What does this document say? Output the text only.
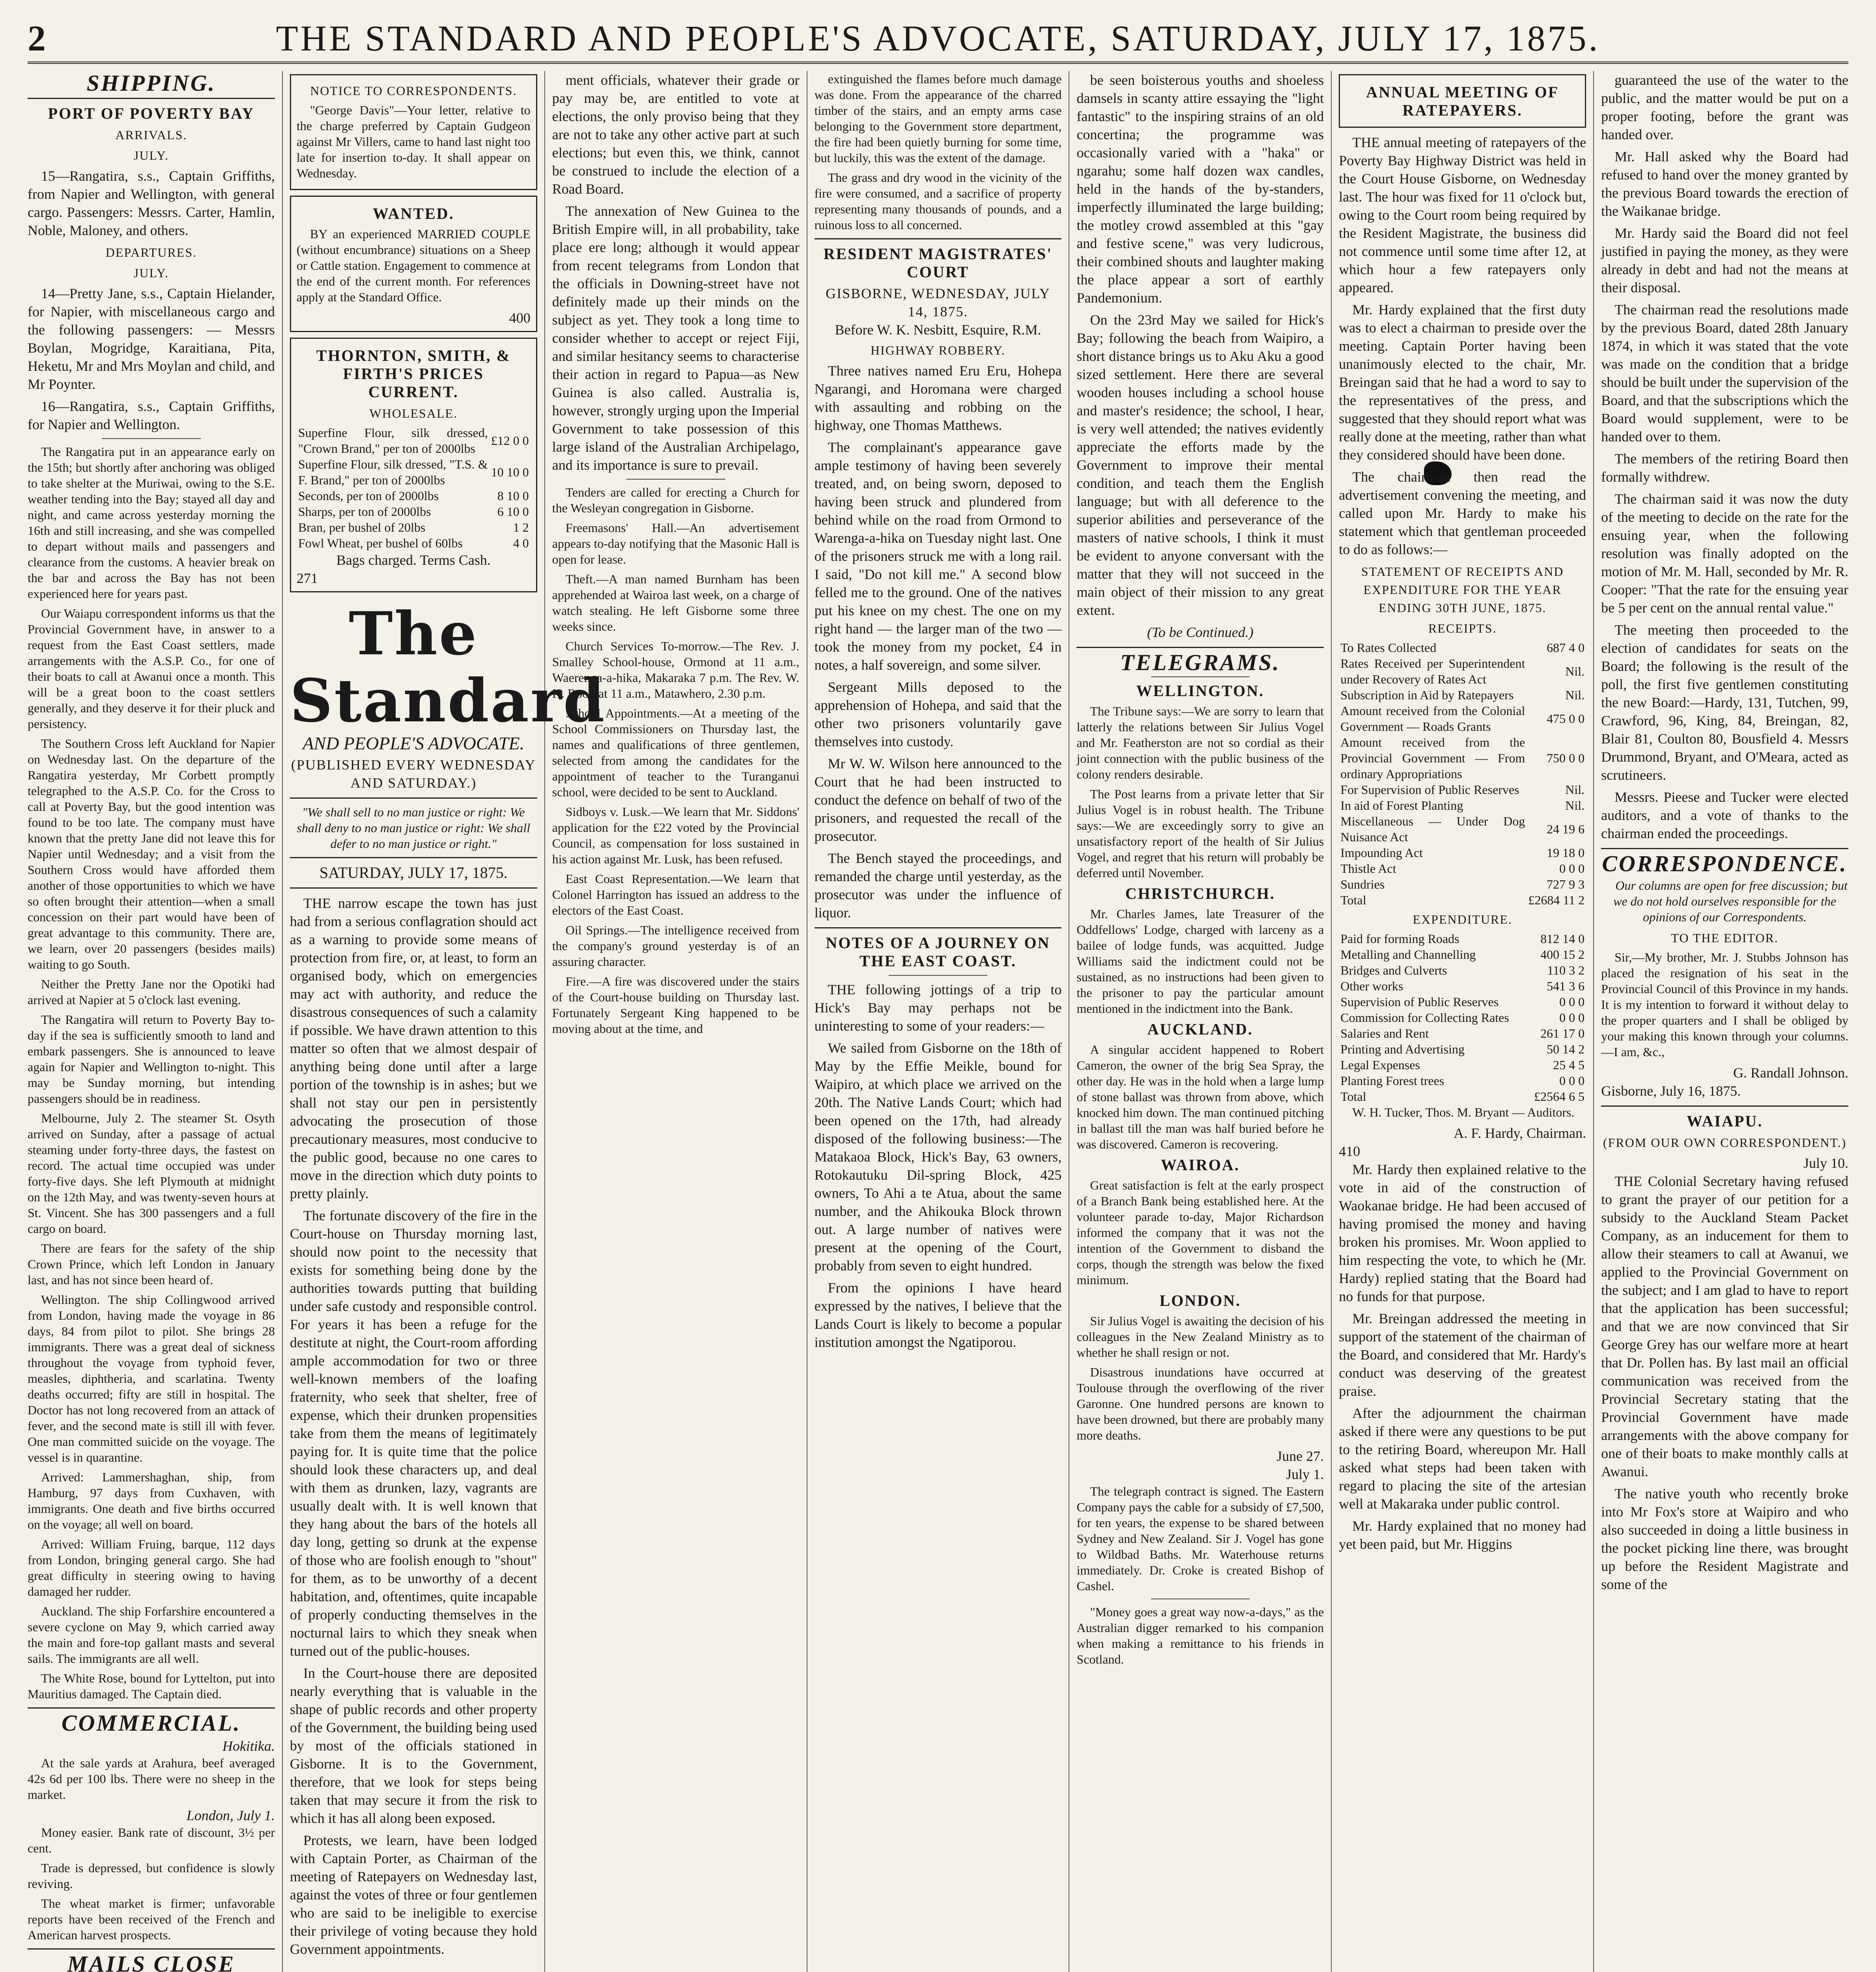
2	THE STANDARD AND PEOPLE'S ADVOCATE, SATURDAY, JULY 17, 1875.
SHIPPING.
PORT OF POVERTY BAY
ARRIVALS.
JULY.

15—Rangatira, s.s., Captain Griffiths, from Napier and Wellington, with general cargo. Passengers: Messrs. Carter, Hamlin, Noble, Maloney, and others.

DEPARTURES.
JULY.

14—Pretty Jane, s.s., Captain Hielander, for Napier, with miscellaneous cargo and the following passengers: — Messrs Boylan, Mogridge, Karaitiana, Pita, Heketu, Mr and Mrs Moylan and child, and Mr Poynter.

16—Rangatira, s.s., Captain Griffiths, for Napier and Wellington.

The Rangatira put in an appearance early on the 15th; but shortly after anchoring was obliged to take shelter at the Muriwai, owing to the S.E. weather tending into the Bay; stayed all day and night, and came across yesterday morning the 16th and still increasing, and she was compelled to depart without mails and passengers and clearance from the customs. A heavier break on the bar and across the Bay has not been experienced here for years past.

Our Waiapu correspondent informs us that the Provincial Government have, in answer to a request from the East Coast settlers, made arrangements with the A.S.P. Co., for one of their boats to call at Awanui once a month. This will be a great boon to the coast settlers generally, and they deserve it for their pluck and persistency.

The Southern Cross left Auckland for Napier on Wednesday last. On the departure of the Rangatira yesterday, Mr Corbett promptly telegraphed to the A.S.P. Co. for the Cross to call at Poverty Bay, but the good intention was found to be too late. The company must have known that the pretty Jane did not leave this for Napier until Wednesday; and a visit from the Southern Cross would have afforded them another of those opportunities to which we have so often brought their attention—when a small concession on their part would have been of great advantage to this community. There are, we learn, over 20 passengers (besides mails) waiting to go South.

Neither the Pretty Jane nor the Opotiki had arrived at Napier at 5 o'clock last evening.

The Rangatira will return to Poverty Bay to-day if the sea is sufficiently smooth to land and embark passengers. She is announced to leave again for Napier and Wellington to-night. This may be Sunday morning, but intending passengers should be in readiness.

Melbourne, July 2. The steamer St. Osyth arrived on Sunday, after a passage of actual steaming under forty-three days, the fastest on record. The actual time occupied was under forty-five days. She left Plymouth at midnight on the 12th May, and was twenty-seven hours at St. Vincent. She has 300 passengers and a full cargo on board.

There are fears for the safety of the ship Crown Prince, which left London in January last, and has not since been heard of.

Wellington. The ship Collingwood arrived from London, having made the voyage in 86 days, 84 from pilot to pilot. She brings 28 immigrants. There was a great deal of sickness throughout the voyage from typhoid fever, measles, diphtheria, and scarlatina. Twenty deaths occurred; fifty are still in hospital. The Doctor has not long recovered from an attack of fever, and the second mate is still ill with fever. One man committed suicide on the voyage. The vessel is in quarantine.

Arrived: Lammershaghan, ship, from Hamburg, 97 days from Cuxhaven, with immigrants. One death and five births occurred on the voyage; all well on board.

Arrived: William Fruing, barque, 112 days from London, bringing general cargo. She had great difficulty in steering owing to having damaged her rudder.

Auckland. The ship Forfarshire encountered a severe cyclone on May 9, which carried away the main and fore-top gallant masts and several sails. The immigrants are all well.

The White Rose, bound for Lyttelton, put into Mauritius damaged. The Captain died.

COMMERCIAL.
Hokitika.

At the sale yards at Arahura, beef averaged 42s 6d per 100 lbs. There were no sheep in the market.

London, July 1.

Money easier. Bank rate of discount, 3½ per cent.

Trade is depressed, but confidence is slowly reviving.

The wheat market is firmer; unfavorable reports have been received of the French and American harvest prospects.

MAILS CLOSE

NOTICE TO CORRESPONDENTS.

"George Davis"—Your letter, relative to the charge preferred by Captain Gudgeon against Mr Villers, came to hand last night too late for insertion to-day. It shall appear on Wednesday.

WANTED.

BY an experienced MARRIED COUPLE (without encumbrance) situations on a Sheep or Cattle station. Engagement to commence at the end of the current month. For references apply at the Standard Office.

400
THORNTON, SMITH, & FIRTH'S PRICES CURRENT.
WHOLESALE.
Superfine Flour, silk dressed, "Crown Brand," per ton of 2000lbs	£12 0 0
Superfine Flour, silk dressed, "T.S. & F. Brand," per ton of 2000lbs	10 10 0
Seconds, per ton of 2000lbs	8 10 0
Sharps, per ton of 2000lbs	6 10 0
Bran, per bushel of 20lbs	1 2
Fowl Wheat, per bushel of 60lbs	4 0
Bags charged. Terms Cash.
271
The Standard
AND PEOPLE'S ADVOCATE.
(PUBLISHED EVERY WEDNESDAY AND SATURDAY.)
"We shall sell to no man justice or right: We shall deny to no man justice or right: We shall defer to no man justice or right."
SATURDAY, JULY 17, 1875.

THE narrow escape the town has just had from a serious conflagration should act as a warning to provide some means of protection from fire, or, at least, to form an organised body, which on emergencies may act with authority, and reduce the disastrous consequences of such a calamity if possible. We have drawn attention to this matter so often that we almost despair of anything being done until after a large portion of the township is in ashes; but we shall not stay our pen in persistently advocating the prosecution of those precautionary measures, most conducive to the public good, because no one cares to move in the direction which duty points to pretty plainly.

The fortunate discovery of the fire in the Court-house on Thursday morning last, should now point to the necessity that exists for something being done by the authorities towards putting that building under safe custody and responsible control. For years it has been a refuge for the destitute at night, the Court-room affording ample accommodation for two or three well-known members of the loafing fraternity, who seek that shelter, free of expense, which their drunken propensities take from them the means of legitimately paying for. It is quite time that the police should look these characters up, and deal with them as drunken, lazy, vagrants are usually dealt with. It is well known that they hang about the bars of the hotels all day long, getting so drunk at the expense of those who are foolish enough to "shout" for them, as to be unworthy of a decent habitation, and, oftentimes, quite incapable of properly conducting themselves in the nocturnal lairs to which they sneak when turned out of the public-houses.

In the Court-house there are deposited nearly everything that is valuable in the shape of public records and other property of the Government, the building being used by most of the officials stationed in Gisborne. It is to the Government, therefore, that we look for steps being taken that may secure it from the risk to which it has all along been exposed.

Protests, we learn, have been lodged with Captain Porter, as Chairman of the meeting of Ratepayers on Wednesday last, against the votes of three or four gentlemen who are said to be ineligible to exercise their privilege of voting because they hold Government appointments.

ment officials, whatever their grade or pay may be, are entitled to vote at elections, the only proviso being that they are not to take any other active part at such elections; but even this, we think, cannot be construed to include the election of a Road Board.

The annexation of New Guinea to the British Empire will, in all probability, take place ere long; although it would appear from recent telegrams from London that the officials in Downing-street have not definitely made up their minds on the subject as yet. They took a long time to consider whether to accept or reject Fiji, and similar hesitancy seems to characterise their action in regard to Papua—as New Guinea is also called. Australia is, however, strongly urging upon the Imperial Government to take possession of this large island of the Australian Archipelago, and its importance is sure to prevail.

Tenders are called for erecting a Church for the Wesleyan congregation in Gisborne.

Freemasons' Hall.—An advertisement appears to-day notifying that the Masonic Hall is open for lease.

Theft.—A man named Burnham has been apprehended at Wairoa last week, on a charge of watch stealing. He left Gisborne some three weeks since.

Church Services To-morrow.—The Rev. J. Smalley School-house, Ormond at 11 a.m., Waerenga-a-hika, Makaraka 7 p.m. The Rev. W. H. Root, at 11 a.m., Matawhero, 2.30 p.m.

School Appointments.—At a meeting of the School Commissioners on Thursday last, the names and qualifications of three gentlemen, selected from among the candidates for the appointment of teacher to the Turanganui school, were decided to be sent to Auckland.

Sidboys v. Lusk.—We learn that Mr. Siddons' application for the £22 voted by the Provincial Council, as compensation for loss sustained in his action against Mr. Lusk, has been refused.

East Coast Representation.—We learn that Colonel Harrington has issued an address to the electors of the East Coast.

Oil Springs.—The intelligence received from the company's ground yesterday is of an assuring character.

Fire.—A fire was discovered under the stairs of the Court-house building on Thursday last. Fortunately Sergeant King happened to be moving about at the time, and

extinguished the flames before much damage was done. From the appearance of the charred timber of the stairs, and an empty arms case belonging to the Government store department, the fire had been quietly burning for some time, but luckily, this was the extent of the damage.

The grass and dry wood in the vicinity of the fire were consumed, and a sacrifice of property representing many thousands of pounds, and a ruinous loss to all concerned.

RESIDENT MAGISTRATES' COURT
GISBORNE, WEDNESDAY, JULY 14, 1875.
Before W. K. Nesbitt, Esquire, R.M.
HIGHWAY ROBBERY.

Three natives named Eru Eru, Hohepa Ngarangi, and Horomana were charged with assaulting and robbing on the highway, one Thomas Matthews.

The complainant's appearance gave ample testimony of having been severely treated, and, on being sworn, deposed to having been struck and plundered from behind while on the road from Ormond to Warenga-a-hika on Tuesday night last. One of the prisoners struck me with a long rail. I said, "Do not kill me." A second blow felled me to the ground. One of the natives put his knee on my chest. The one on my right hand — the larger man of the two — took the money from my pocket, £4 in notes, a half sovereign, and some silver.

Sergeant Mills deposed to the apprehension of Hohepa, and said that the other two prisoners voluntarily gave themselves into custody.

Mr W. W. Wilson here announced to the Court that he had been instructed to conduct the defence on behalf of two of the prisoners, and requested the recall of the prosecutor.

The Bench stayed the proceedings, and remanded the charge until yesterday, as the prosecutor was under the influence of liquor.

NOTES OF A JOURNEY ON THE EAST COAST.

THE following jottings of a trip to Hick's Bay may perhaps not be uninteresting to some of your readers:—

We sailed from Gisborne on the 18th of May by the Effie Meikle, bound for Waipiro, at which place we arrived on the 20th. The Native Lands Court; which had been opened on the 17th, had already disposed of the following business:—The Matakaoa Block, Hick's Bay, 63 owners, Rotokautuku Dil-spring Block, 425 owners, To Ahi a te Atua, about the same number, and the Ahikouka Block thrown out. A large number of natives were present at the opening of the Court, probably from seven to eight hundred.

From the opinions I have heard expressed by the natives, I believe that the Lands Court is likely to become a popular institution amongst the Ngatiporou.

be seen boisterous youths and shoeless damsels in scanty attire essaying the "light fantastic" to the inspiring strains of an old concertina; the programme was occasionally varied with a "haka" or ngarahu; some half dozen wax candles, held in the hands of the by-standers, imperfectly illuminated the large building; the motley crowd assembled at this "gay and festive scene," was very ludicrous, their combined shouts and laughter making the place appear a sort of earthly Pandemonium.

On the 23rd May we sailed for Hick's Bay; following the beach from Waipiro, a short distance brings us to Aku Aku a good sized settlement. Here there are several wooden houses including a school house and master's residence; the school, I hear, is very well attended; the natives evidently appreciate the efforts made by the Government to improve their mental condition, and teach them the English language; but with all deference to the superior abilities and perseverance of the masters of native schools, I think it must be evident to anyone conversant with the matter that they will not succeed in the main object of their mission to any great extent.

(To be Continued.)
TELEGRAMS.
WELLINGTON.

The Tribune says:—We are sorry to learn that latterly the relations between Sir Julius Vogel and Mr. Featherston are not so cordial as their joint connection with the public business of the colony renders desirable.

The Post learns from a private letter that Sir Julius Vogel is in robust health. The Tribune says:—We are exceedingly sorry to give an unsatisfactory report of the health of Sir Julius Vogel, and regret that his return will probably be deferred until November.

CHRISTCHURCH.

Mr. Charles James, late Treasurer of the Oddfellows' Lodge, charged with larceny as a bailee of lodge funds, was acquitted. Judge Williams said the indictment could not be sustained, as no instructions had been given to the prisoner to pay the particular amount mentioned in the indictment into the Bank.

AUCKLAND.

A singular accident happened to Robert Cameron, the owner of the brig Sea Spray, the other day. He was in the hold when a large lump of stone ballast was thrown from above, which knocked him down. The man continued pitching in ballast till the man was half buried before he was discovered. Cameron is recovering.

WAIROA.

Great satisfaction is felt at the early prospect of a Branch Bank being established here. At the volunteer parade to-day, Major Richardson informed the company that it was not the intention of the Government to disband the corps, though the strength was below the fixed minimum.

LONDON.

Sir Julius Vogel is awaiting the decision of his colleagues in the New Zealand Ministry as to whether he shall resign or not.

Disastrous inundations have occurred at Toulouse through the overflowing of the river Garonne. One hundred persons are known to have been drowned, but there are probably many more deaths.

June 27.
July 1.

The telegraph contract is signed. The Eastern Company pays the cable for a subsidy of £7,500, for ten years, the expense to be shared between Sydney and New Zealand. Sir J. Vogel has gone to Wildbad Baths. Mr. Waterhouse returns immediately. Dr. Croke is created Bishop of Cashel.

"Money goes a great way now-a-days," as the Australian digger remarked to his companion when making a remittance to his friends in Scotland.

ANNUAL MEETING OF RATEPAYERS.

THE annual meeting of ratepayers of the Poverty Bay Highway District was held in the Court House Gisborne, on Wednesday last. The hour was fixed for 11 o'clock but, owing to the Court room being required by the Resident Magistrate, the business did not commence until some time after 12, at which hour a few ratepayers only appeared.

Mr. Hardy explained that the first duty was to elect a chairman to preside over the meeting. Captain Porter having been unanimously elected to the chair, Mr. Breingan said that he had a word to say to the representatives of the press, and suggested that they should report what was really done at the meeting, rather than what they considered should have been done.

The chairman then read the advertisement convening the meeting, and called upon Mr. Hardy to make his statement which that gentleman proceeded to do as follows:—

STATEMENT OF RECEIPTS AND EXPENDITURE FOR THE YEAR ENDING 30TH JUNE, 1875.
RECEIPTS.
To Rates Collected	687 4 0
Rates Received per Superintendent under Recovery of Rates Act	Nil.
Subscription in Aid by Ratepayers	Nil.
Amount received from the Colonial Government — Roads Grants	475 0 0
Amount received from the Provincial Government — From ordinary Appropriations	750 0 0
For Supervision of Public Reserves	Nil.
In aid of Forest Planting	Nil.
Miscellaneous — Under Dog Nuisance Act	24 19 6
Impounding Act	19 18 0
Thistle Act	0 0 0
Sundries	727 9 3
Total	£2684 11 2
EXPENDITURE.
Paid for forming Roads	812 14 0
Metalling and Channelling	400 15 2
Bridges and Culverts	110 3 2
Other works	541 3 6
Supervision of Public Reserves	0 0 0
Commission for Collecting Rates	0 0 0
Salaries and Rent	261 17 0
Printing and Advertising	50 14 2
Legal Expenses	25 4 5
Planting Forest trees	0 0 0
Total	£2564 6 5

W. H. Tucker, Thos. M. Bryant — Auditors.

A. F. Hardy, Chairman.
410

Mr. Hardy then explained relative to the vote in aid of the construction of Waokanae bridge. He had been accused of having promised the money and having broken his promises. Mr. Woon applied to him respecting the vote, to which he (Mr. Hardy) replied stating that the Board had no funds for that purpose.

Mr. Breingan addressed the meeting in support of the statement of the chairman of the Board, and considered that Mr. Hardy's conduct was deserving of the greatest praise.

After the adjournment the chairman asked if there were any questions to be put to the retiring Board, whereupon Mr. Hall asked what steps had been taken with regard to placing the site of the artesian well at Makaraka under public control.

Mr. Hardy explained that no money had yet been paid, but Mr. Higgins

guaranteed the use of the water to the public, and the matter would be put on a proper footing, before the grant was handed over.

Mr. Hall asked why the Board had refused to hand over the money granted by the previous Board towards the erection of the Waikanae bridge.

Mr. Hardy said the Board did not feel justified in paying the money, as they were already in debt and had not the means at their disposal.

The chairman read the resolutions made by the previous Board, dated 28th January 1874, in which it was stated that the vote was made on the condition that a bridge should be built under the supervision of the Board, and that the subscriptions which the Board would supplement, were to be handed over to them.

The members of the retiring Board then formally withdrew.

The chairman said it was now the duty of the meeting to decide on the rate for the ensuing year, when the following resolution was finally adopted on the motion of Mr. M. Hall, seconded by Mr. R. Cooper: "That the rate for the ensuing year be 5 per cent on the annual rental value."

The meeting then proceeded to the election of candidates for seats on the Board; the following is the result of the poll, the first five gentlemen constituting the new Board:—Hardy, 131, Tutchen, 99, Crawford, 96, King, 84, Breingan, 82, Blair 81, Coulton 80, Bousfield 4. Messrs Drummond, Bryant, and O'Meara, acted as scrutineers.

Messrs. Pieese and Tucker were elected auditors, and a vote of thanks to the chairman ended the proceedings.

CORRESPONDENCE.

Our columns are open for free discussion; but we do not hold ourselves responsible for the opinions of our Correspondents.

TO THE EDITOR.

Sir,—My brother, Mr. J. Stubbs Johnson has placed the resignation of his seat in the Provincial Council of this Province in my hands. It is my intention to forward it without delay to the proper quarters and I shall be obliged by your making this known through your columns.—I am, &c.,

G. Randall Johnson.
Gisborne, July 16, 1875.
WAIAPU.
(FROM OUR OWN CORRESPONDENT.)
July 10.

THE Colonial Secretary having refused to grant the prayer of our petition for a subsidy to the Auckland Steam Packet Company, as an inducement for them to allow their steamers to call at Awanui, we applied to the Provincial Government on the subject; and I am glad to have to report that the application has been successful; and that we are now convinced that Sir George Grey has our welfare more at heart that Dr. Pollen has. By last mail an official communication was received from the Provincial Secretary stating that the Provincial Government have made arrangements with the above company for one of their boats to make monthly calls at Awanui.

The native youth who recently broke into Mr Fox's store at Waipiro and who also succeeded in doing a little business in the pocket picking line there, was brought up before the Resident Magistrate and some of the
